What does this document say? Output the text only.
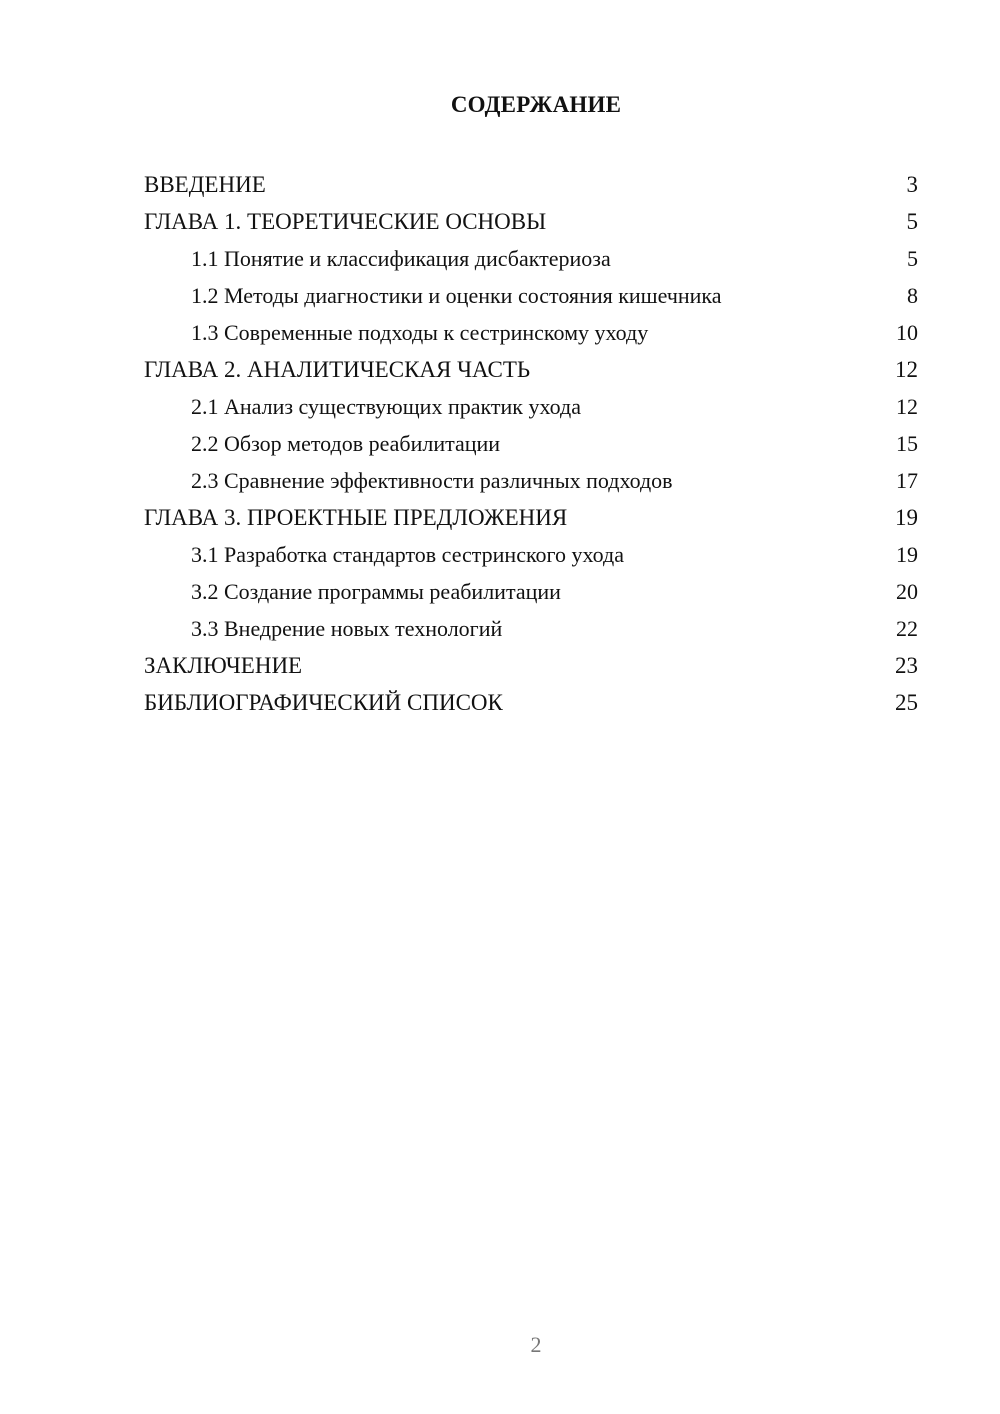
СОДЕРЖАНИЕ
ВВЕДЕНИЕ	3
ГЛАВА 1. ТЕОРЕТИЧЕСКИЕ ОСНОВЫ	5
1.1 Понятие и классификация дисбактериоза	5
1.2 Методы диагностики и оценки состояния кишечника	8
1.3 Современные подходы к сестринскому уходу	10
ГЛАВА 2. АНАЛИТИЧЕСКАЯ ЧАСТЬ	12
2.1 Анализ существующих практик ухода	12
2.2 Обзор методов реабилитации	15
2.3 Сравнение эффективности различных подходов	17
ГЛАВА 3. ПРОЕКТНЫЕ ПРЕДЛОЖЕНИЯ	19
3.1 Разработка стандартов сестринского ухода	19
3.2 Создание программы реабилитации	20
3.3 Внедрение новых технологий	22
ЗАКЛЮЧЕНИЕ	23
БИБЛИОГРАФИЧЕСКИЙ СПИСОК	25
2
